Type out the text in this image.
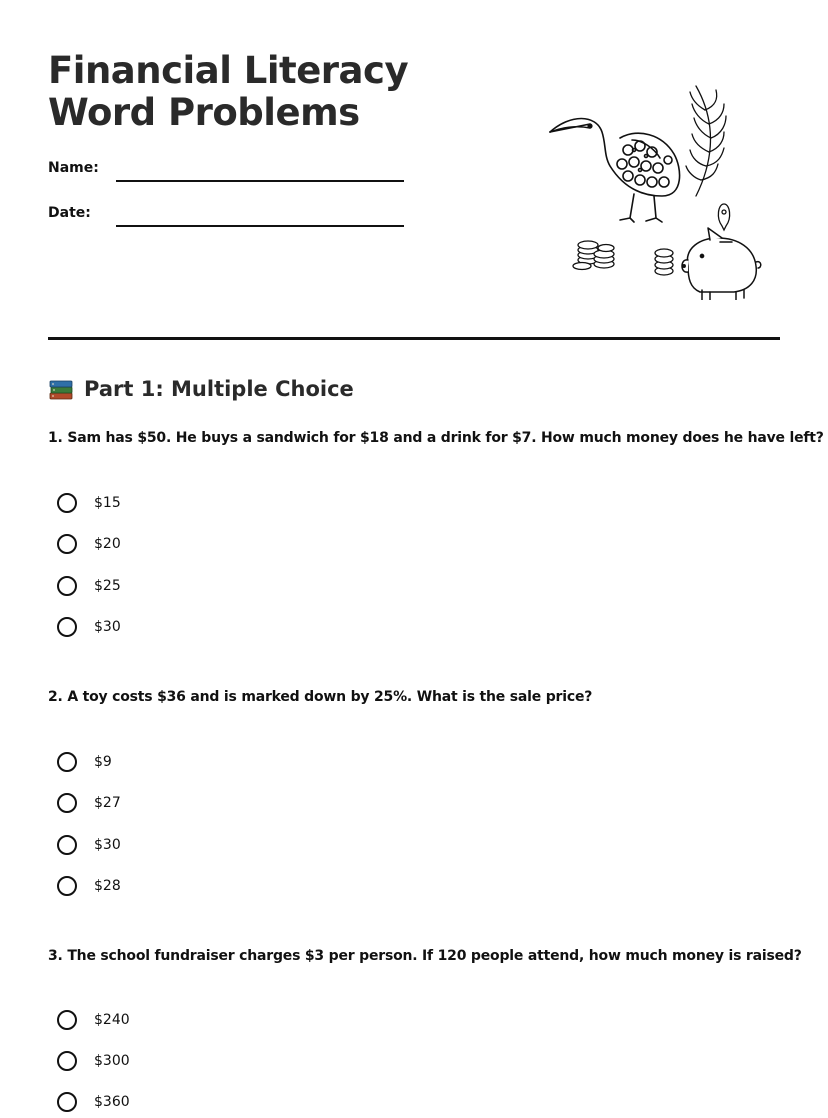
Financial Literacy Word Problems
Name:
Date:
Part 1: Multiple Choice
1. Sam has $50. He buys a sandwich for $18 and a drink for $7. How much money does he have left?
$15
$20
$25
$30
2. A toy costs $36 and is marked down by 25%. What is the sale price?
$9
$27
$30
$28
3. The school fundraiser charges $3 per person. If 120 people attend, how much money is raised?
$240
$300
$360
